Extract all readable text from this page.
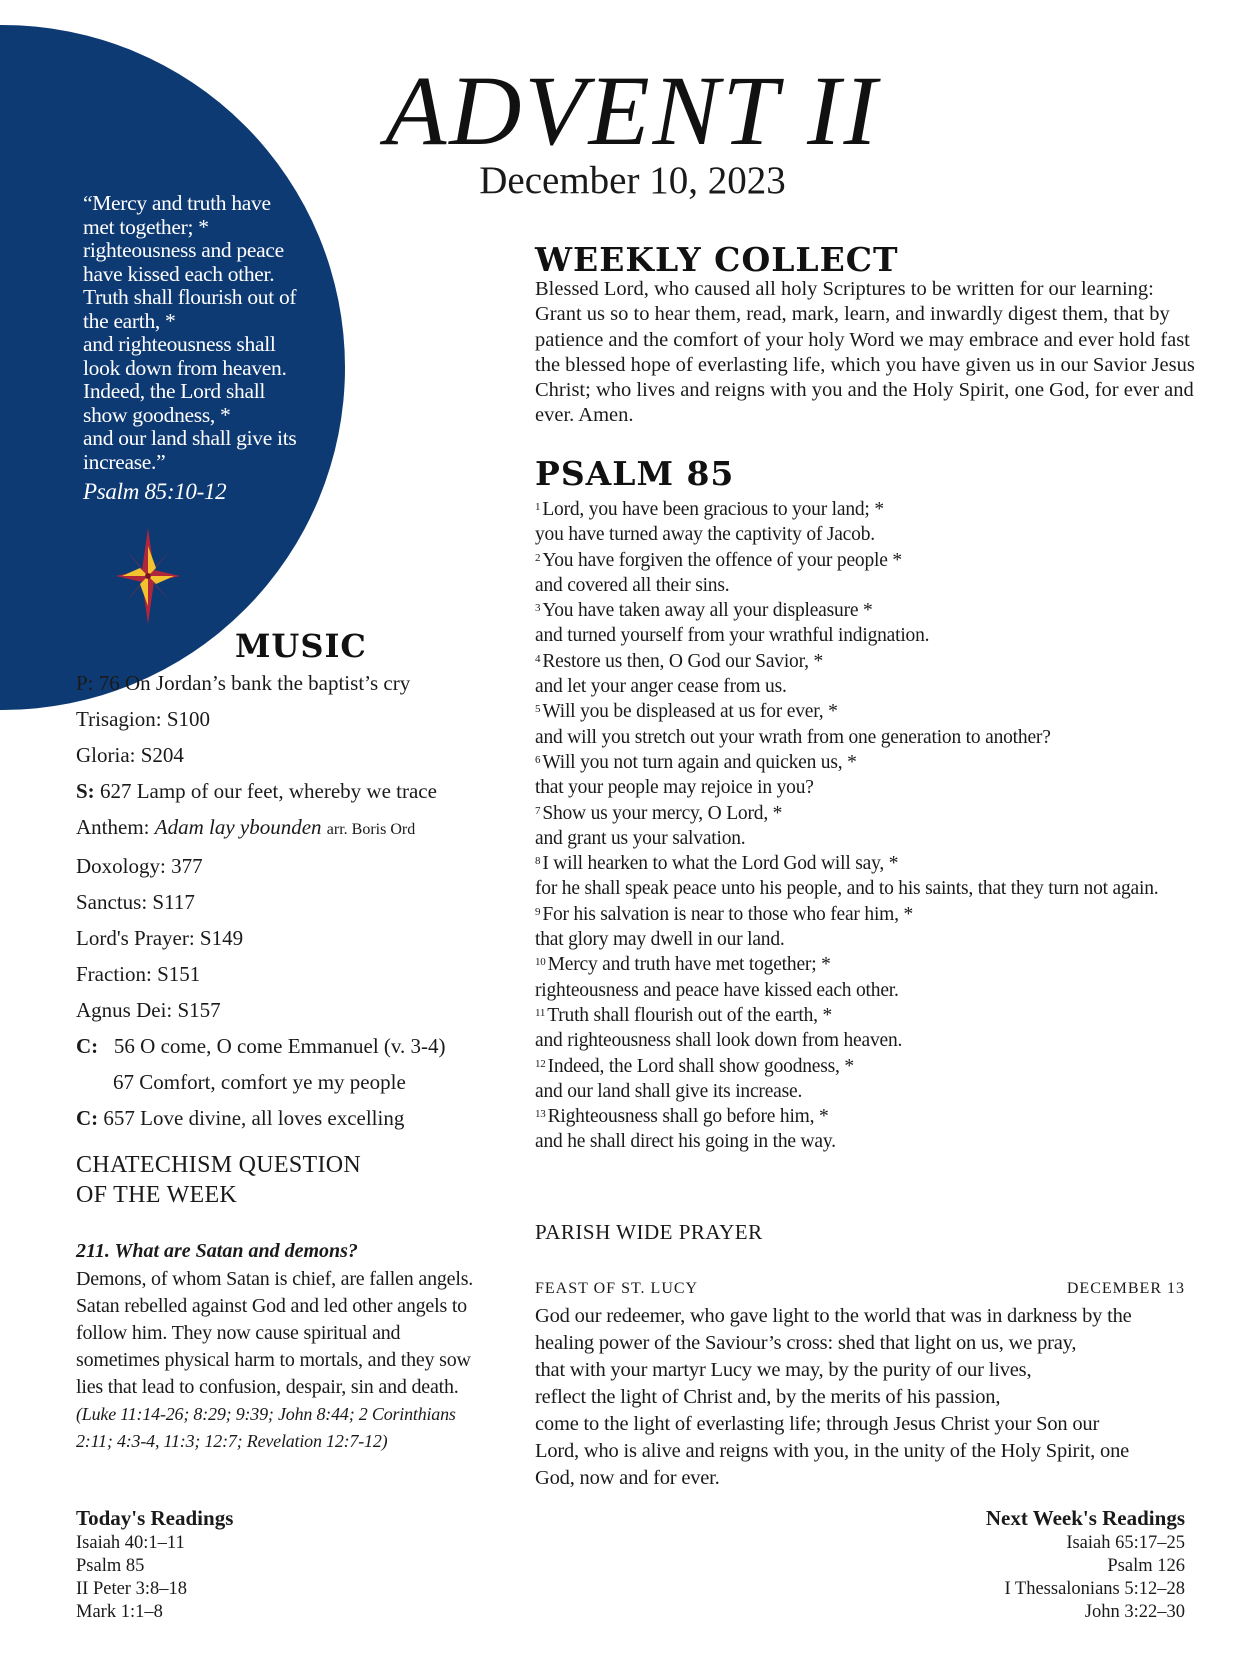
“Mercy and truth have
met together; *
righteousness and peace
have kissed each other.
Truth shall flourish out of
the earth, *
and righteousness shall
look down from heaven.
Indeed, the Lord shall
show goodness, *
and our land shall give its
increase.”
Psalm 85:10-12
ADVENT II
December 10, 2023
WEEKLY COLLECT
Blessed Lord, who caused all holy Scriptures to be written for our learning: Grant us so to hear them, read, mark, learn, and inwardly digest them, that by patience and the comfort of your holy Word we may embrace and ever hold fast the blessed hope of everlasting life, which you have given us in our Savior Jesus Christ; who lives and reigns with you and the Holy Spirit, one God, for ever and ever. Amen.
PSALM 85
$^1$ Lord, you have been gracious to your land; *
you have turned away the captivity of Jacob.
$^2$ You have forgiven the offence of your people *
and covered all their sins.
$^3$ You have taken away all your displeasure *
and turned yourself from your wrathful indignation.
$^4$ Restore us then, O God our Savior, *
and let your anger cease from us.
$^5$ Will you be displeased at us for ever, *
and will you stretch out your wrath from one generation to another?
$^6$ Will you not turn again and quicken us, *
that your people may rejoice in you?
$^7$ Show us your mercy, O Lord, *
and grant us your salvation.
$^8$ I will hearken to what the Lord God will say, *
for he shall speak peace unto his people, and to his saints, that they turn not again.
$^9$ For his salvation is near to those who fear him, *
that glory may dwell in our land.
$^{10}$ Mercy and truth have met together; *
righteousness and peace have kissed each other.
$^{11}$ Truth shall flourish out of the earth, *
and righteousness shall look down from heaven.
$^{12}$ Indeed, the Lord shall show goodness, *
and our land shall give its increase.
$^{13}$ Righteousness shall go before him, *
and he shall direct his going in the way.
MUSIC
P: 76 On Jordan’s bank the baptist’s cry
Trisagion: S100
Gloria: S204
S: 627 Lamp of our feet, whereby we trace
Anthem: Adam lay ybounden arr. Boris Ord
Doxology: 377
Sanctus: S117
Lord's Prayer: S149
Fraction: S151
Agnus Dei: S157
C: 56 O come, O come Emmanuel (v. 3-4)
67 Comfort, comfort ye my people
C: 657 Love divine, all loves excelling
CHATECHISM QUESTION
OF THE WEEK
211. What are Satan and demons?
Demons, of whom Satan is chief, are fallen angels. Satan rebelled against God and led other angels to follow him. They now cause spiritual and sometimes physical harm to mortals, and they sow lies that lead to confusion, despair, sin and death. (Luke 11:14-26; 8:29; 9:39; John 8:44; 2 Corinthians 2:11; 4:3-4, 11:3; 12:7; Revelation 12:7-12)
PARISH WIDE PRAYER
FEAST OF ST. LUCY	DECEMBER 13
God our redeemer, who gave light to the world that was in darkness by the
healing power of the Saviour’s cross: shed that light on us, we pray,
that with your martyr Lucy we may, by the purity of our lives,
reflect the light of Christ and, by the merits of his passion,
come to the light of everlasting life; through Jesus Christ your Son our
Lord, who is alive and reigns with you, in the unity of the Holy Spirit, one
God, now and for ever.
Today's Readings
Isaiah 40:1–11
Psalm 85
II Peter 3:8–18
Mark 1:1–8
Next Week's Readings
Isaiah 65:17–25
Psalm 126
I Thessalonians 5:12–28
John 3:22–30
